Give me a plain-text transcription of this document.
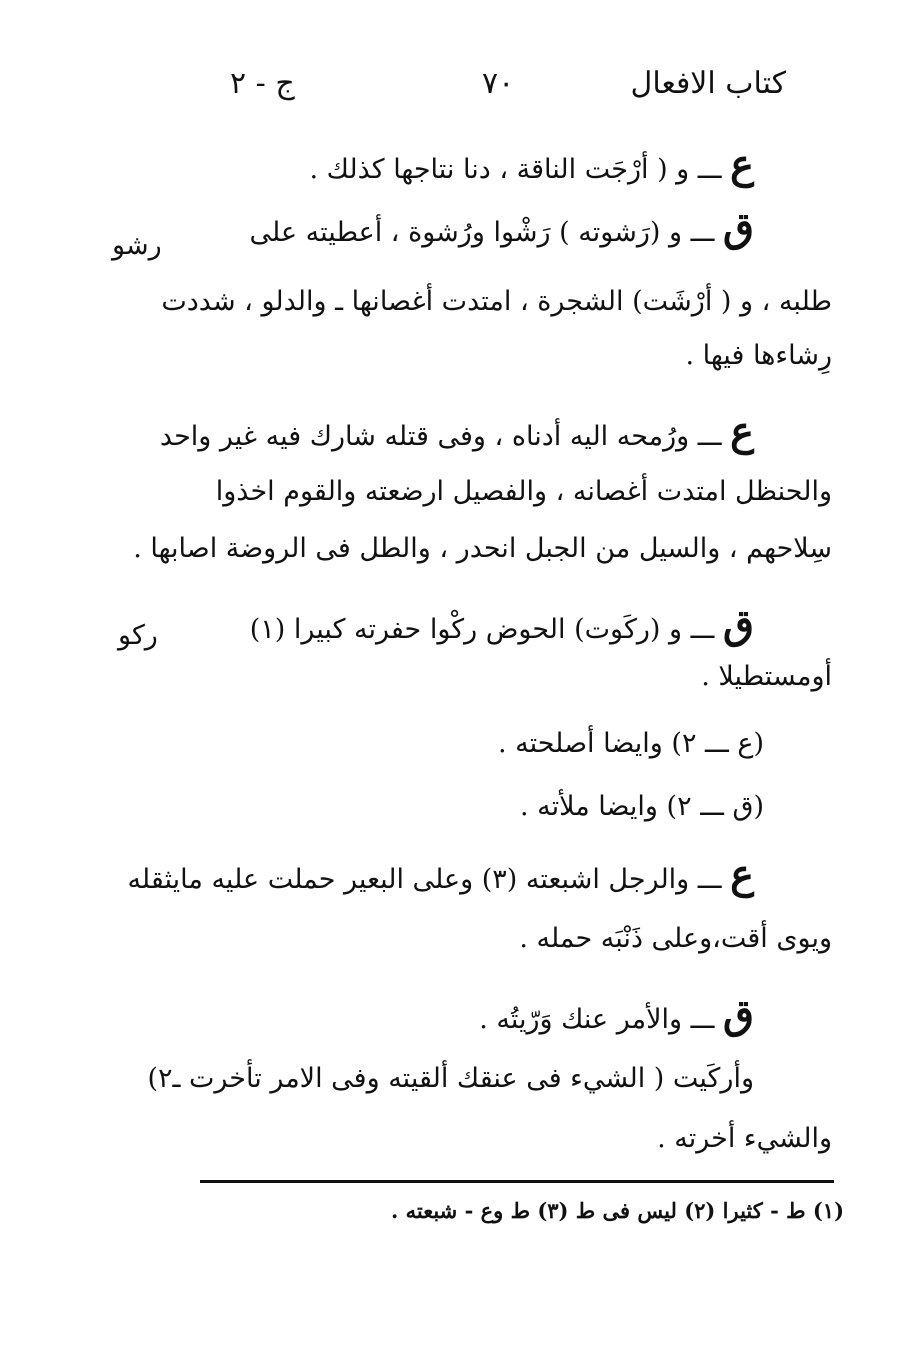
كتاب الافعال
٧٠
ج - ٢
رشو
ركو
ع ـــ و ( أرْجَت الناقة ، دنا نتاجها كذلك .
ق ـــ و (رَشوته ) رَشْوا ورُشوة ، أعطيته على
طلبه ، و ( أرْشَت) الشجرة ، امتدت أغصانها ـ والدلو ، شددت
رِشاءها فيها .
ع ـــ ورُمحه اليه أدناه ، وفى قتله شارك فيه غير واحد
والحنظل امتدت أغصانه ، والفصيل ارضعته والقوم اخذوا
سِلاحهم ، والسيل من الجبل انحدر ، والطل فى الروضة اصابها .
ق ـــ و (ركَوت) الحوض ركْوا حفرته كبيرا (١)
أومستطيلا .
(ع ـــ ٢) وايضا أصلحته .
(ق ـــ ٢) وايضا ملأته .
ع ـــ والرجل اشبعته (٣) وعلى البعير حملت عليه مايثقله
ويوى أقت،وعلى ذَنْبَه حمله .
ق ـــ والأمر عنك وَرّيتُه .
وأركَيت ( الشيء فى عنقك ألقيته وفى الامر تأخرت ـ٢)
والشيء أخرته .
(١) ط - كثيرا (٢) ليس فى ط (٣) ط وع - شبعته .
